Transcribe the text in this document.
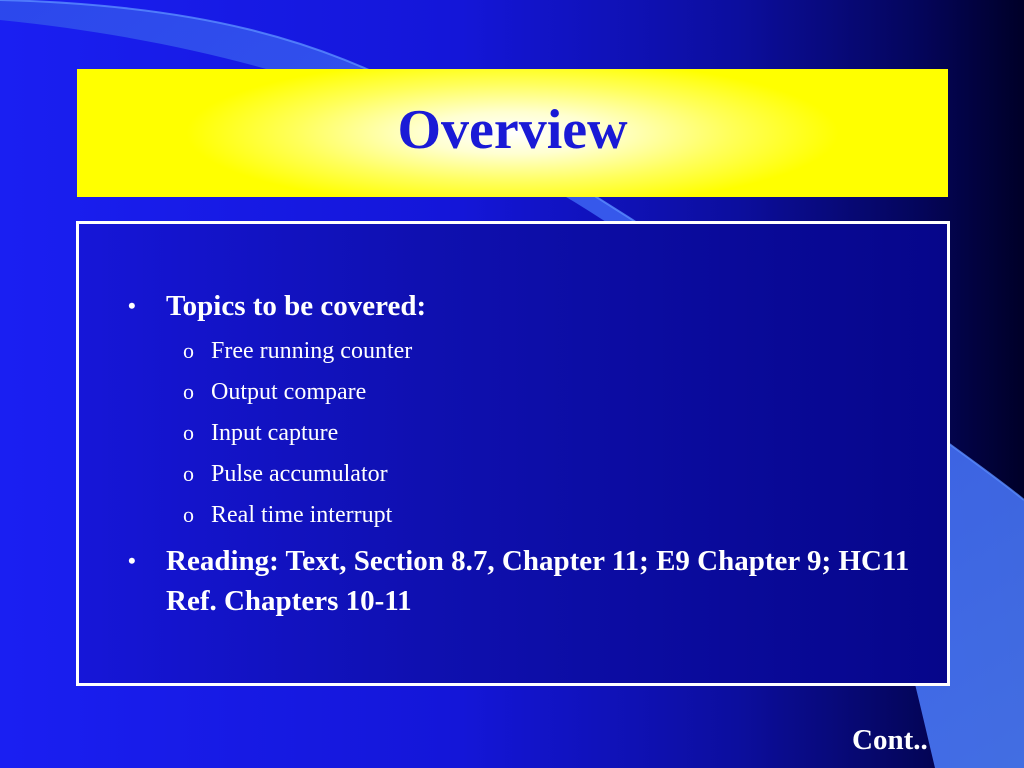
Overview
•	Topics to be covered:
o Free running counter
o Output compare
o Input capture
o Pulse accumulator
o Real time interrupt
•	Reading: Text, Section 8.7, Chapter 11; E9 Chapter 9; HC11 Ref. Chapters 10-11
Cont..
